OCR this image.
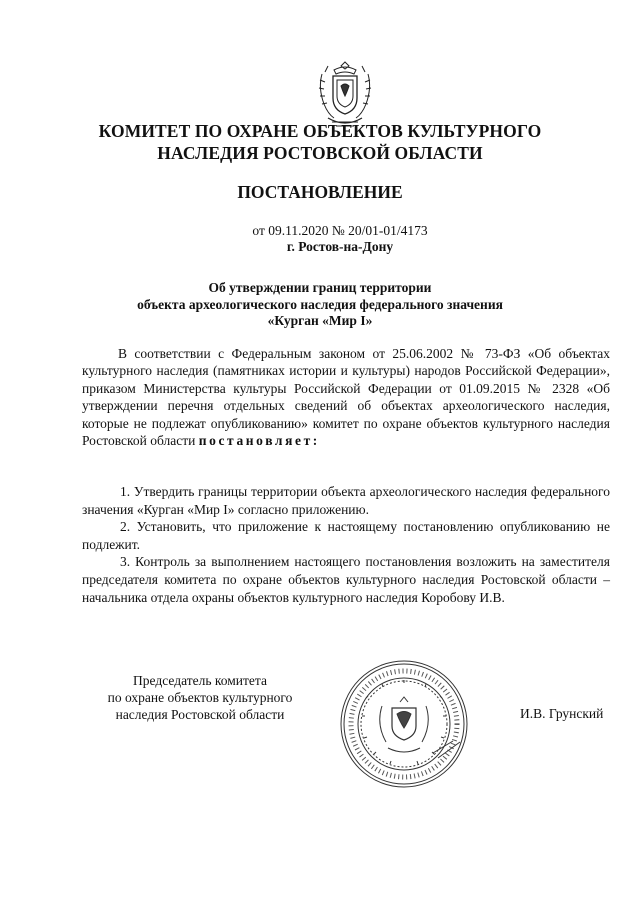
КОМИТЕТ ПО ОХРАНЕ ОБЪЕКТОВ КУЛЬТУРНОГО
НАСЛЕДИЯ РОСТОВСКОЙ ОБЛАСТИ
ПОСТАНОВЛЕНИЕ
от 09.11.2020 № 20/01-01/4173
г. Ростов-на-Дону
Об утверждении границ территории
объекта археологического наследия федерального значения
«Курган «Мир I»
В соответствии с Федеральным законом от 25.06.2002 № 73-ФЗ «Об объектах культурного наследия (памятниках истории и культуры) народов Российской Федерации», приказом Министерства культуры Российской Федерации от 01.09.2015 № 2328 «Об утверждении перечня отдельных сведений об объектах археологического наследия, которые не подлежат опубликованию» комитет по охране объектов культурного наследия Ростовской области постановляет:
1. Утвердить границы территории объекта археологического наследия федерального значения «Курган «Мир I» согласно приложению.
2. Установить, что приложение к настоящему постановлению опубликованию не подлежит.
3. Контроль за выполнением настоящего постановления возложить на заместителя председателя комитета по охране объектов культурного наследия Ростовской области – начальника отдела охраны объектов культурного наследия Коробову И.В.
Председатель комитета
по охране объектов культурного
наследия Ростовской области	И.В. Грунский
